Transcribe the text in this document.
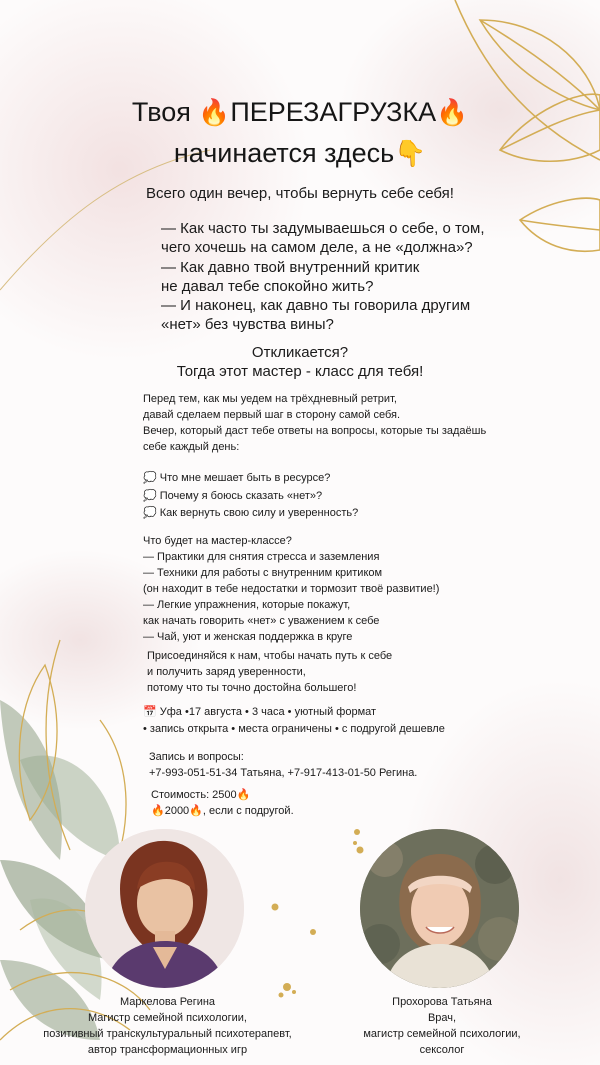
Твоя 🔥ПЕРЕЗАГРУЗКА🔥
начинается здесь👇

Всего один вечер, чтобы вернуть себе себя!

— Как часто ты задумываешься о себе, о том,
чего хочешь на самом деле, а не «должна»?
— Как давно твой внутренний критик
не давал тебе спокойно жить?
— И наконец, как давно ты говорила другим
«нет» без чувства вины?
Откликается?
Тогда этот мастер - класс для тебя!
Перед тем, как мы уедем на трёхдневный ретрит,
давай сделаем первый шаг в сторону самой себя.
Вечер, который даст тебе ответы на вопросы, которые ты задаёшь
себе каждый день:
💭 Что мне мешает быть в ресурсе?
💭 Почему я боюсь сказать «нет»?
💭 Как вернуть свою силу и уверенность?
Что будет на мастер-классе?
— Практики для снятия стресса и заземления
— Техники для работы с внутренним критиком
(он находит в тебе недостатки и тормозит твоё развитие!)
— Легкие упражнения, которые покажут,
как начать говорить «нет» с уважением к себе
— Чай, уют и женская поддержка в круге
Присоединяйся к нам, чтобы начать путь к себе
и получить заряд уверенности,
потому что ты точно достойна большего!
📅 Уфа •17 августа • 3 часа • уютный формат
• запись открыта • места ограничены • с подругой дешевле
Запись и вопросы:
+7-993-051-51-34 Татьяна, +7-917-413-01-50 Регина.
Стоимость: 2500🔥
🔥2000🔥, если с подругой.
Маркелова Регина
Магистр семейной психологии,
позитивный транскультуральный психотерапевт,
автор трансформационных игр
Прохорова Татьяна
Врач,
магистр семейной психологии,
сексолог
